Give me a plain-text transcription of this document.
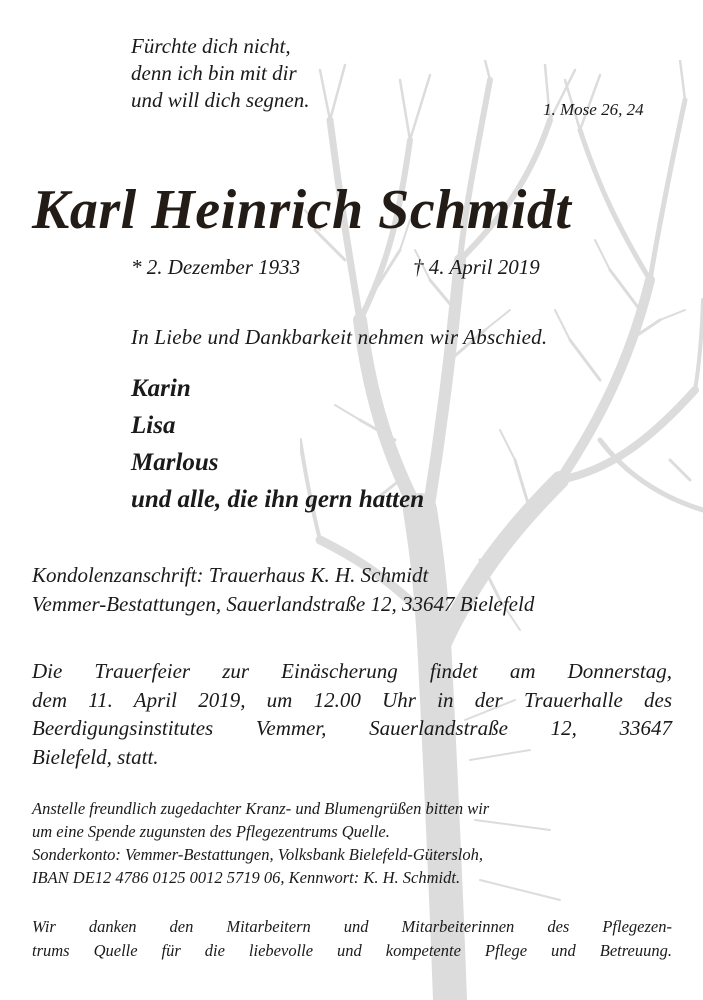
Fürchte dich nicht,
denn ich bin mit dir
und will dich segnen.	1. Mose 26, 24
Karl Heinrich Schmidt
* 2. Dezember 1933	† 4. April 2019
In Liebe und Dankbarkeit nehmen wir Abschied.
Karin
Lisa
Marlous
und alle, die ihn gern hatten
Kondolenzanschrift: Trauerhaus K. H. Schmidt
Vemmer-Bestattungen, Sauerlandstraße 12, 33647 Bielefeld
Die Trauerfeier zur Einäscherung findet am Donnerstag,
dem 11. April 2019, um 12.00 Uhr in der Trauerhalle des
Beerdigungsinstitutes Vemmer, Sauerlandstraße 12, 33647
Bielefeld, statt.
Anstelle freundlich zugedachter Kranz- und Blumengrüßen bitten wir
um eine Spende zugunsten des Pflegezentrums Quelle.
Sonderkonto: Vemmer-Bestattungen, Volksbank Bielefeld-Gütersloh,
IBAN DE12 4786 0125 0012 5719 06, Kennwort: K. H. Schmidt.
Wir danken den Mitarbeitern und Mitarbeiterinnen des Pflegezen-
trums Quelle für die liebevolle und kompetente Pflege und Betreuung.
